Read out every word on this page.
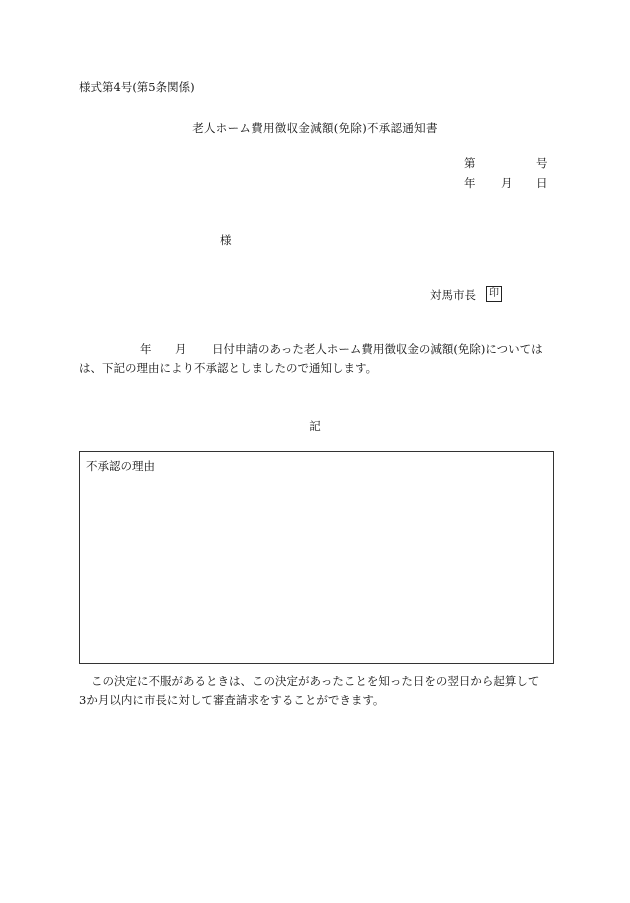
様式第4号(第5条関係)
老人ホーム費用徴収金減額(免除)不承認通知書
第	号
年 月 日
様
対馬市長	印
年 月 日付申請のあった老人ホーム費用徴収金の減額(免除)については
は、下記の理由により不承認としましたので通知します。
記
不承認の理由
この決定に不服があるときは、この決定があったことを知った日をの翌日から起算して
3か月以内に市長に対して審査請求をすることができます。
